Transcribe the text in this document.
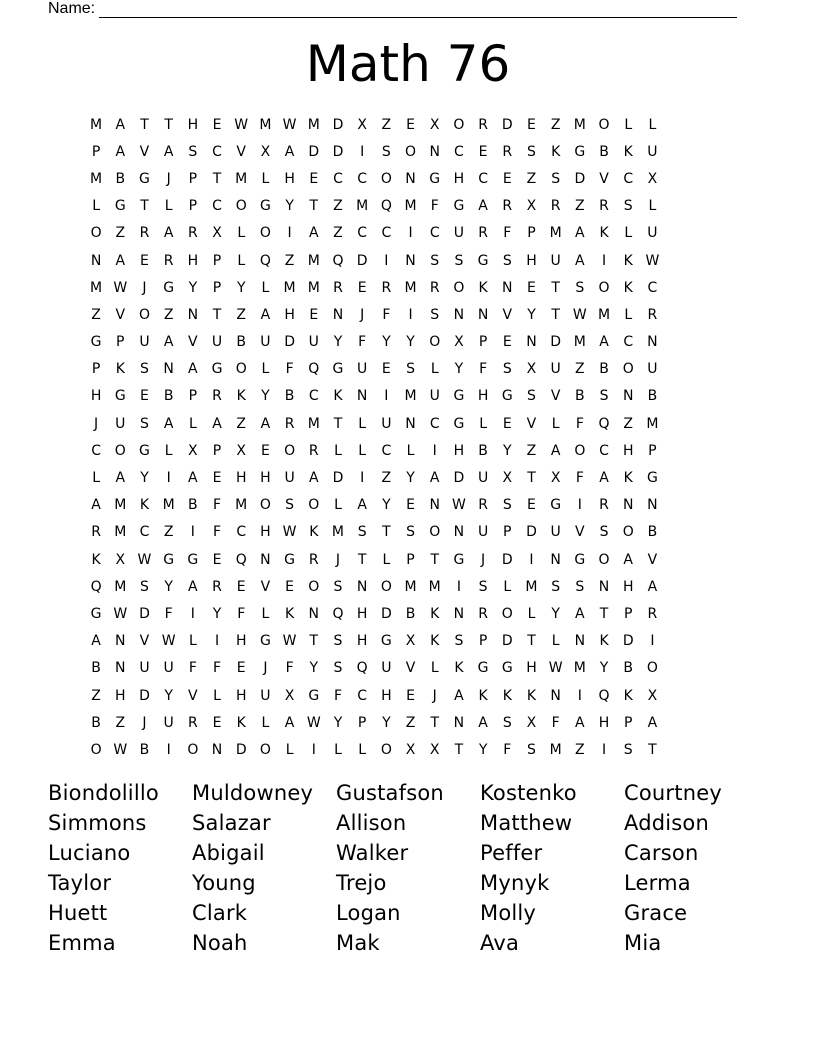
Name:
Math 76
M A	T	T	H	E W M W M D	X	Z	E	X O R D	E	Z M O	L	L
P	A	V	A	S	C	V	X	A	D D	I	S	O N	C	E	R	S	K	G B	K	U
M B G	J	P	T M	L	H	E	C	C O N G H	C	E	Z	S	D	V	C	X
L	G	T	L	P	C O G	Y	T	Z M Q M	F	G A	R	X	R	Z	R	S	L
O Z	R	A	R	X	L	O	I	A	Z	C	C	I	C	U	R	F	P M A	K	L	U
N	A	E	R	H	P	L	Q Z M Q D	I	N	S	S	G	S	H U	A	I	K W
M W	J	G	Y	P	Y	L	M M R	E	R M R O	K	N	E	T	S	O	K	C
Z	V O Z	N	T	Z	A	H	E	N	J	F	I	S	N N	V	Y	T W M	L	R
G	P	U	A	V	U	B	U D U	Y	F	Y	Y	O X	P	E	N D M A	C	N
P	K	S	N	A G O	L	F	Q G U	E	S	L	Y	F	S	X	U	Z	B O U
H G	E	B	P	R	K	Y	B	C	K	N	I	M U G H G	S	V	B	S	N	B
J	U	S	A	L	A	Z	A	R M T	L	U N	C G	L	E	V	L	F	Q Z M
C O G	L	X	P	X	E	O R	L	L	C	L	I	H	B	Y	Z	A O C	H	P
L	A	Y	I	A	E	H H U	A	D	I	Z	Y	A	D U	X	T	X	F	A	K	G
A M K M B	F	M O	S	O	L	A	Y	E	N W R	S	E	G	I	R	N N
R M C	Z	I	F	C	H W K M S	T	S	O N U	P	D U	V	S	O B
K	X W G G	E	Q N G R	J	T	L	P	T	G	J	D	I	N G O A	V
Q M S	Y	A	R	E	V	E	O	S	N O M M	I	S	L	M S	S	N H	A
G W D	F	I	Y	F	L	K	N Q H D B	K	N	R O	L	Y	A	T	P	R
A	N	V W L	I	H G W T	S	H G X	K	S	P	D	T	L	N	K	D	I
B	N U U	F	F	E	J	F	Y	S	Q U	V	L	K	G G H W M Y	B O
Z	H D	Y	V	L	H U	X G	F	C	H	E	J	A	K	K	K	N	I	Q	K	X
B	Z	J	U	R	E	K	L	A W Y	P	Y	Z	T	N	A	S	X	F	A	H	P	A
O W B	I	O N D O	L	I	L	L	O X	X	T	Y	F	S M Z	I	S	T
Biondolillo	Muldowney	Gustafson	Kostenko	Courtney
Simmons	Salazar	Allison	Matthew	Addison
Luciano	Abigail	Walker	Peffer	Carson
Taylor	Young	Trejo	Mynyk	Lerma
Huett	Clark	Logan	Molly	Grace
Emma	Noah	Mak	Ava	Mia
